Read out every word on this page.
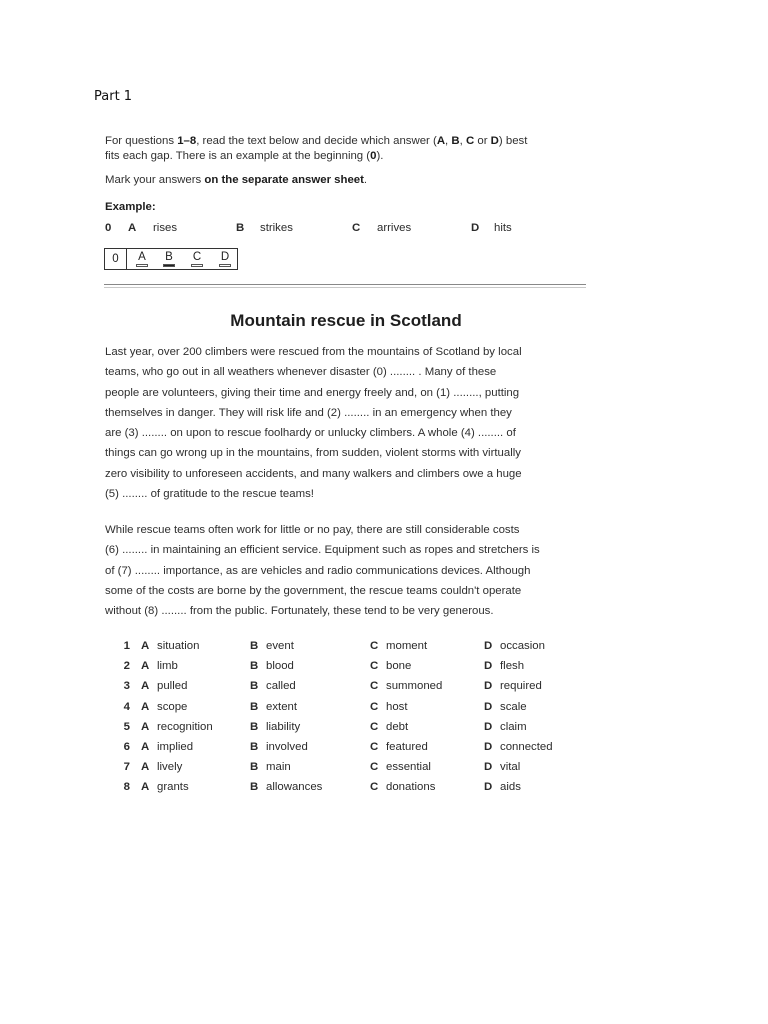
Part 1

For questions 1–8, read the text below and decide which answer (A, B, C or D) best

fits each gap. There is an example at the beginning (0).

Mark your answers on the separate answer sheet.

Example:
0 A rises	B strikes	C arrives	D hits
0	A B C D
Mountain rescue in Scotland
Last year, over 200 climbers were rescued from the mountains of Scotland by local
teams, who go out in all weathers whenever disaster (0) ........ . Many of these
people are volunteers, giving their time and energy freely and, on (1) ........, putting
themselves in danger. They will risk life and (2) ........ in an emergency when they
are (3) ........ on upon to rescue foolhardy or unlucky climbers. A whole (4) ........ of
things can go wrong up in the mountains, from sudden, violent storms with virtually
zero visibility to unforeseen accidents, and many walkers and climbers owe a huge
(5) ........ of gratitude to the rescue teams!
While rescue teams often work for little or no pay, there are still considerable costs
(6) ........ in maintaining an efficient service. Equipment such as ropes and stretchers is
of (7) ........ importance, as are vehicles and radio communications devices. Although
some of the costs are borne by the government, the rescue teams couldn't operate
without (8) ........ from the public. Fortunately, these tend to be very generous.
1 A situation	B event	C moment	D occasion
2 A limb	B blood	C bone	D flesh
3 A pulled	B called	C summoned	D required
4 A scope	B extent	C host	D scale
5 A recognition	B liability	C debt	D claim
6 A implied	B involved	C featured	D connected
7 A lively	B main	C essential	D vital
8 A grants	B allowances	C donations	D aids
